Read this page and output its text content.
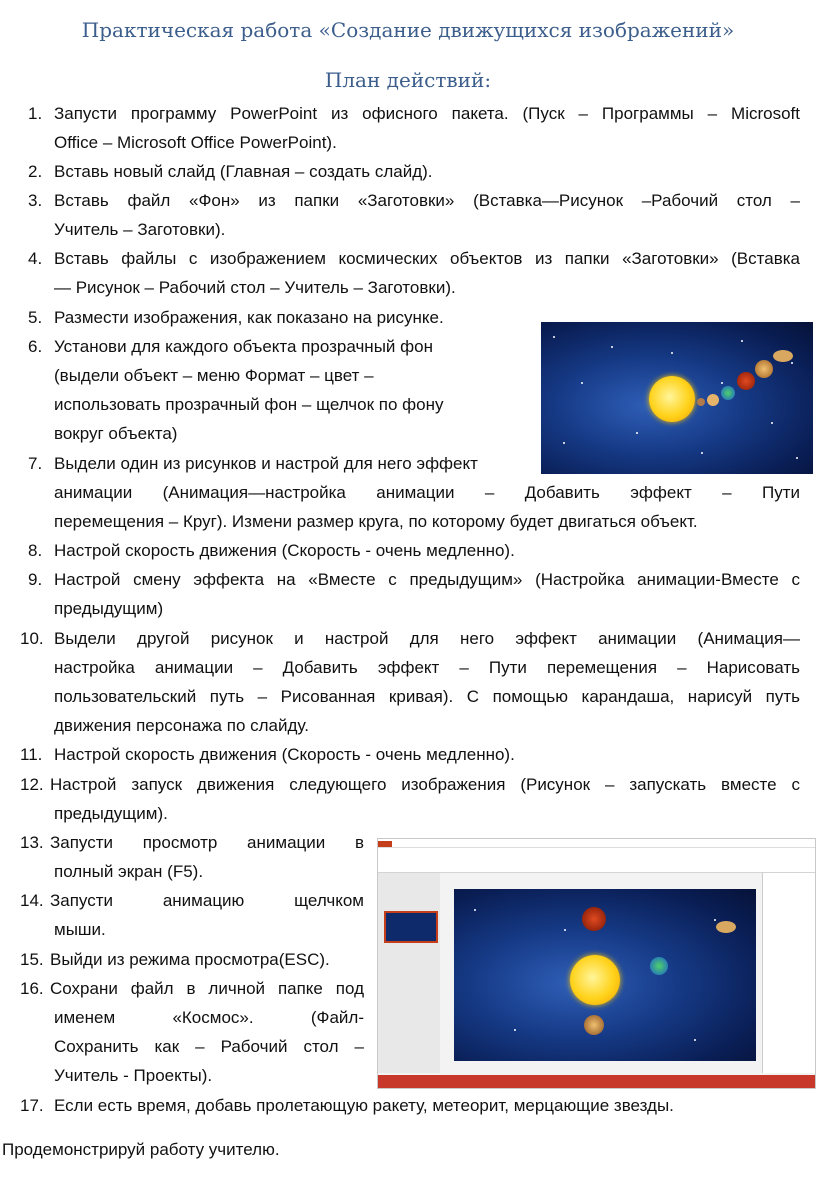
Практическая работа «Создание движущихся изображений»
План действий:
1. Запусти программу PowerPoint из офисного пакета. (Пуск – Программы – Microsoft
Office – Microsoft Office PowerPoint).
2. Вставь новый слайд (Главная – создать слайд).
3. Вставь файл «Фон» из папки «Заготовки» (Вставка—Рисунок –Рабочий стол –
Учитель – Заготовки).
4. Вставь файлы с изображением космических объектов из папки «Заготовки» (Вставка
— Рисунок – Рабочий стол – Учитель – Заготовки).
5. Размести изображения, как показано на рисунке.
6. Установи для каждого объекта прозрачный фон
(выдели объект – меню Формат – цвет –
использовать прозрачный фон – щелчок по фону
вокруг объекта)
7. Выдели один из рисунков и настрой для него эффект
анимации (Анимация—настройка анимации – Добавить эффект – Пути
перемещения – Круг). Измени размер круга, по которому будет двигаться объект.
8. Настрой скорость движения (Скорость - очень медленно).
9. Настрой смену эффекта на «Вместе с предыдущим» (Настройка анимации-Вместе с
предыдущим)
10. Выдели другой рисунок и настрой для него эффект анимации (Анимация—
настройка анимации – Добавить эффект – Пути перемещения – Нарисовать
пользовательский путь – Рисованная кривая). С помощью карандаша, нарисуй путь
движения персонажа по слайду.
11. Настрой скорость движения (Скорость - очень медленно).
12. Настрой запуск движения следующего изображения (Рисунок – запускать вместе с
предыдущим).
13. Запусти просмотр анимации в
полный экран (F5).
14. Запусти анимацию щелчком
мыши.
15. Выйди из режима просмотра(ESC).
16. Сохрани файл в личной папке под
именем «Космос». (Файл-
Сохранить как – Рабочий стол –
Учитель - Проекты).
17. Если есть время, добавь пролетающую ракету, метеорит, мерцающие звезды.
Продемонстрируй работу учителю.
